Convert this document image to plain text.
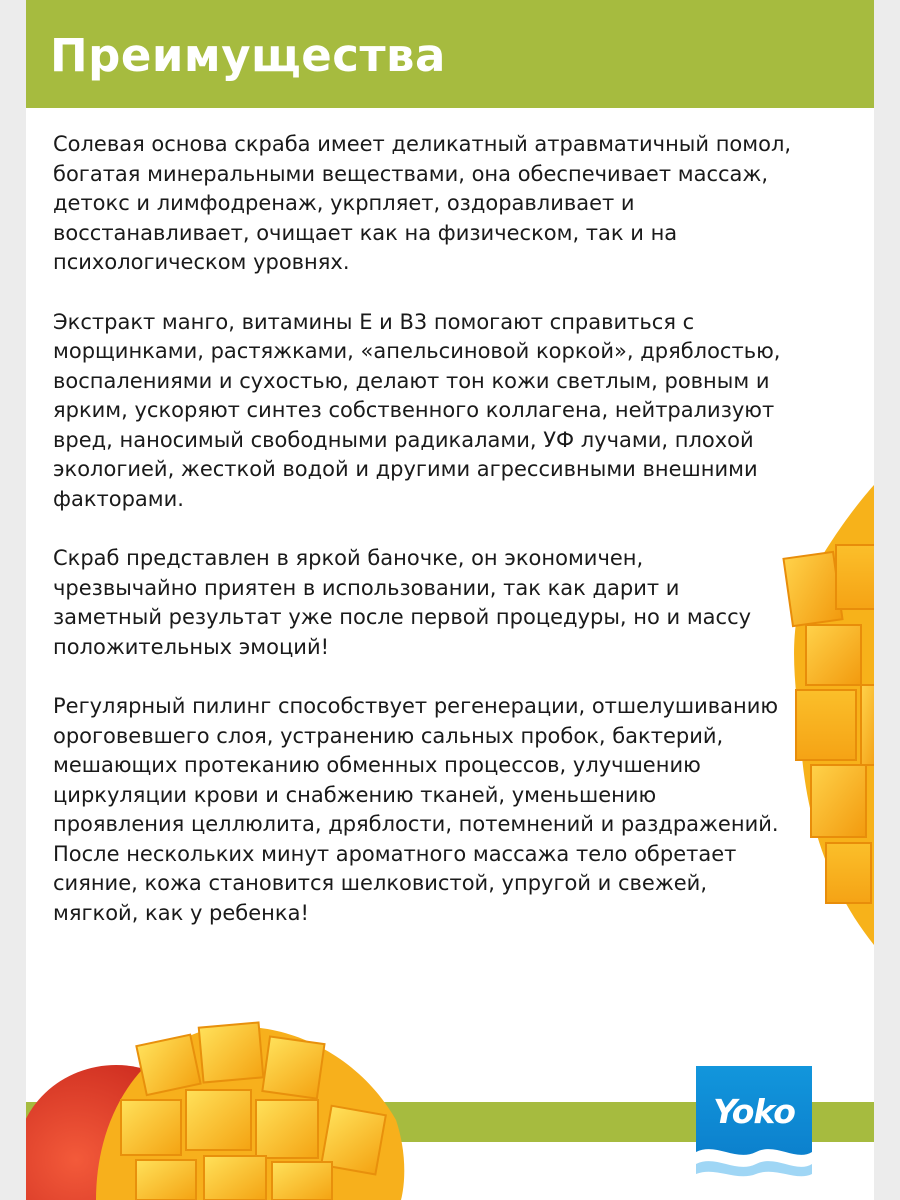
Преимущества

Солевая основа скраба имеет деликатный атравматичный помол, богатая минеральными веществами, она обеспечивает массаж, детокс и лимфодренаж, укрпляет, оздоравливает и восстанавливает, очищает как на физическом, так и на психологическом уровнях.

Экстракт манго, витамины Е и B3 помогают справиться с морщинками, растяжками, «апельсиновой коркой», дряблостью, воспалениями и сухостью, делают тон кожи светлым, ровным и ярким, ускоряют синтез собственного коллагена, нейтрализуют вред, наносимый свободными радикалами, УФ лучами, плохой экологией, жесткой водой и другими агрессивными внешними факторами.

Скраб представлен в яркой баночке, он экономичен, чрезвычайно приятен в использовании, так как дарит и заметный результат уже после первой процедуры, но и массу положительных эмоций!

Регулярный пилинг способствует регенерации, отшелушиванию ороговевшего слоя, устранению сальных пробок, бактерий, мешающих протеканию обменных процессов, улучшению циркуляции крови и снабжению тканей, уменьшению проявления целлюлита, дряблости, потемнений и раздражений. После нескольких минут ароматного массажа тело обретает сияние, кожа становится шелковистой, упругой и свежей, мягкой, как у ребенка!

Yoko
